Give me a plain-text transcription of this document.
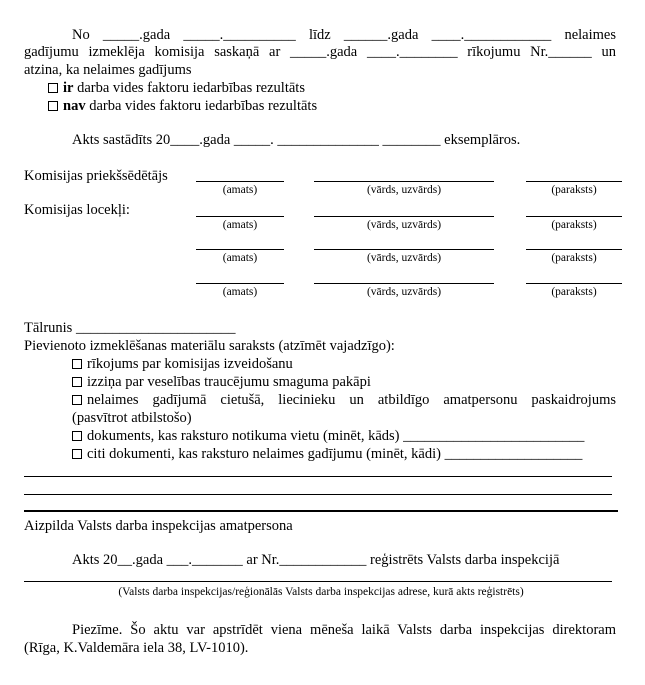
No _____.gada _____.__________ līdz ______.gada ____.____________ nelaimes
gadījumu izmeklēja komisija saskaņā ar _____.gada ____.________ rīkojumu Nr.______ un
atzina, ka nelaimes gadījums
ir darba vides faktoru iedarbības rezultāts
nav darba vides faktoru iedarbības rezultāts
Akts sastādīts 20____.gada _____. ______________ ________ eksemplāros.
Komisijas priekšsēdētājs
(amats)	(vārds, uzvārds)	(paraksts)
Komisijas locekļi:
(amats)	(vārds, uzvārds)	(paraksts)
(amats)	(vārds, uzvārds)	(paraksts)
(amats)	(vārds, uzvārds)	(paraksts)
Tālrunis ______________________
Pievienoto izmeklēšanas materiālu saraksts (atzīmēt vajadzīgo):
rīkojums par komisijas izveidošanu
izziņa par veselības traucējumu smaguma pakāpi
nelaimes gadījumā cietušā, liecinieku un atbildīgo amatpersonu paskaidrojums
(pasvītrot atbilstošo)
dokuments, kas raksturo notikuma vietu (minēt, kāds) _________________________
citi dokumenti, kas raksturo nelaimes gadījumu (minēt, kādi) ___________________
Aizpilda Valsts darba inspekcijas amatpersona
Akts 20__.gada ___._______ ar Nr.____________ reģistrēts Valsts darba inspekcijā
(Valsts darba inspekcijas/reģionālās Valsts darba inspekcijas adrese, kurā akts reģistrēts)
Piezīme. Šo aktu var apstrīdēt viena mēneša laikā Valsts darba inspekcijas direktoram
(Rīga, K.Valdemāra iela 38, LV-1010).
